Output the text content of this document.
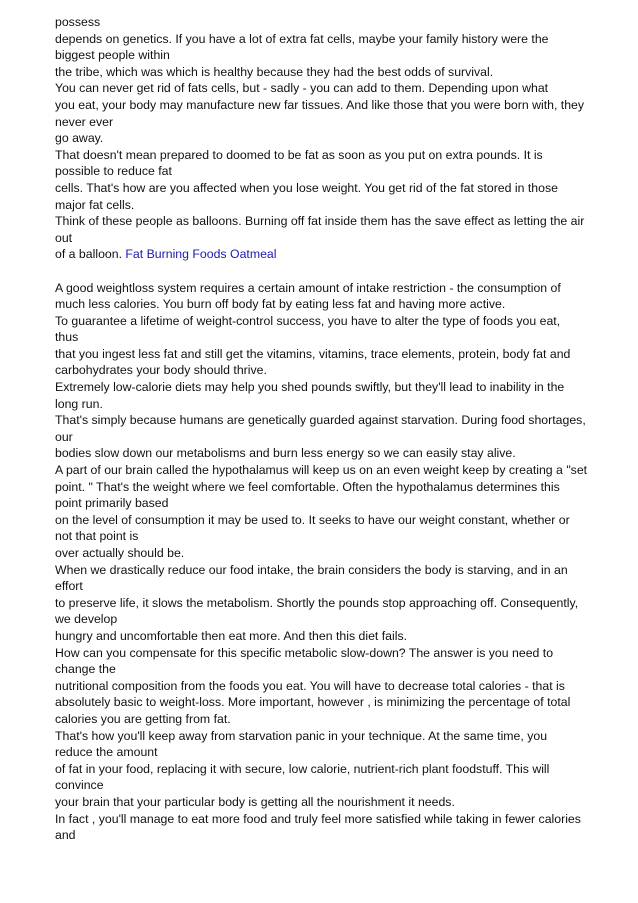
possess
depends on genetics. If you have a lot of extra fat cells, maybe your family history were the
biggest people within
the tribe, which was which is healthy because they had the best odds of survival.
You can never get rid of fats cells, but - sadly - you can add to them. Depending upon what
you eat, your body may manufacture new far tissues. And like those that you were born with, they
never ever
go away.
That doesn't mean prepared to doomed to be fat as soon as you put on extra pounds. It is
possible to reduce fat
cells. That's how are you affected when you lose weight. You get rid of the fat stored in those
major fat cells.
Think of these people as balloons. Burning off fat inside them has the save effect as letting the air
out
of a balloon. Fat Burning Foods Oatmeal
A good weightloss system requires a certain amount of intake restriction - the consumption of
much less calories. You burn off body fat by eating less fat and having more active.
To guarantee a lifetime of weight-control success, you have to alter the type of foods you eat,
thus
that you ingest less fat and still get the vitamins, vitamins, trace elements, protein, body fat and
carbohydrates your body should thrive.
Extremely low-calorie diets may help you shed pounds swiftly, but they'll lead to inability in the
long run.
That's simply because humans are genetically guarded against starvation. During food shortages,
our
bodies slow down our metabolisms and burn less energy so we can easily stay alive.
A part of our brain called the hypothalamus will keep us on an even weight keep by creating a "set
point. " That's the weight where we feel comfortable. Often the hypothalamus determines this
point primarily based
on the level of consumption it may be used to. It seeks to have our weight constant, whether or
not that point is
over actually should be.
When we drastically reduce our food intake, the brain considers the body is starving, and in an
effort
to preserve life, it slows the metabolism. Shortly the pounds stop approaching off. Consequently,
we develop
hungry and uncomfortable then eat more. And then this diet fails.
How can you compensate for this specific metabolic slow-down? The answer is you need to
change the
nutritional composition from the foods you eat. You will have to decrease total calories - that is
absolutely basic to weight-loss. More important, however , is minimizing the percentage of total
calories you are getting from fat.
That's how you'll keep away from starvation panic in your technique. At the same time, you
reduce the amount
of fat in your food, replacing it with secure, low calorie, nutrient-rich plant foodstuff. This will
convince
your brain that your particular body is getting all the nourishment it needs.
In fact , you'll manage to eat more food and truly feel more satisfied while taking in fewer calories
and
